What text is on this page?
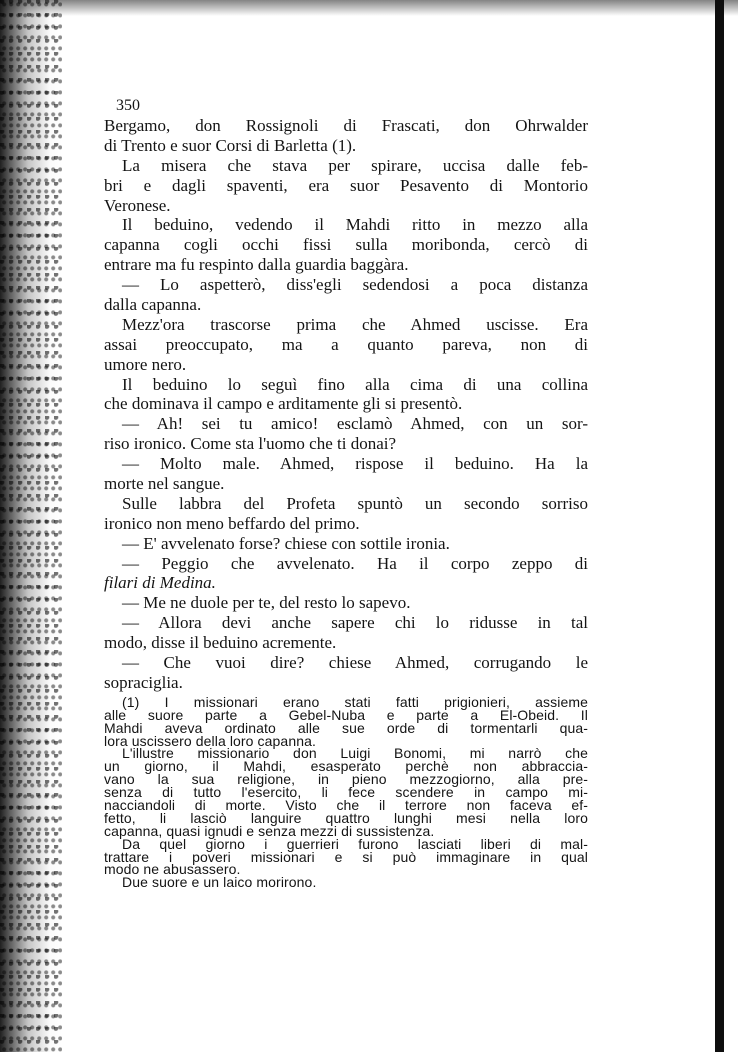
350
Bergamo, don Rossignoli di Frascati, don Ohrwalder
di Trento e suor Corsi di Barletta (1).
La misera che stava per spirare, uccisa dalle feb-
bri e dagli spaventi, era suor Pesavento di Montorio
Veronese.
Il beduino, vedendo il Mahdi ritto in mezzo alla
capanna cogli occhi fissi sulla moribonda, cercò di
entrare ma fu respinto dalla guardia baggàra.
— Lo aspetterò, diss'egli sedendosi a poca distanza
dalla capanna.
Mezz'ora trascorse prima che Ahmed uscisse. Era
assai preoccupato, ma a quanto pareva, non di
umore nero.
Il beduino lo seguì fino alla cima di una collina
che dominava il campo e arditamente gli si presentò.
— Ah! sei tu amico! esclamò Ahmed, con un sor-
riso ironico. Come sta l'uomo che ti donai?
— Molto male. Ahmed, rispose il beduino. Ha la
morte nel sangue.
Sulle labbra del Profeta spuntò un secondo sorriso
ironico non meno beffardo del primo.
— E' avvelenato forse? chiese con sottile ironia.
— Peggio che avvelenato. Ha il corpo zeppo di
filari di Medina.
— Me ne duole per te, del resto lo sapevo.
— Allora devi anche sapere chi lo ridusse in tal
modo, disse il beduino acremente.
— Che vuoi dire? chiese Ahmed, corrugando le
sopraciglia.
(1) I missionari erano stati fatti prigionieri, assieme
alle suore parte a Gebel-Nuba e parte a El-Obeid. Il
Mahdi aveva ordinato alle sue orde di tormentarli qua-
lora uscissero della loro capanna.
L'illustre missionario don Luigi Bonomi, mi narrò che
un giorno, il Mahdi, esasperato perchè non abbraccia-
vano la sua religione, in pieno mezzogiorno, alla pre-
senza di tutto l'esercito, li fece scendere in campo mi-
nacciandoli di morte. Visto che il terrore non faceva ef-
fetto, li lasciò languire quattro lunghi mesi nella loro
capanna, quasi ignudi e senza mezzi di sussistenza.
Da quel giorno i guerrieri furono lasciati liberi di mal-
trattare i poveri missionari e si può immaginare in qual
modo ne abusassero.
Due suore e un laico morirono.
